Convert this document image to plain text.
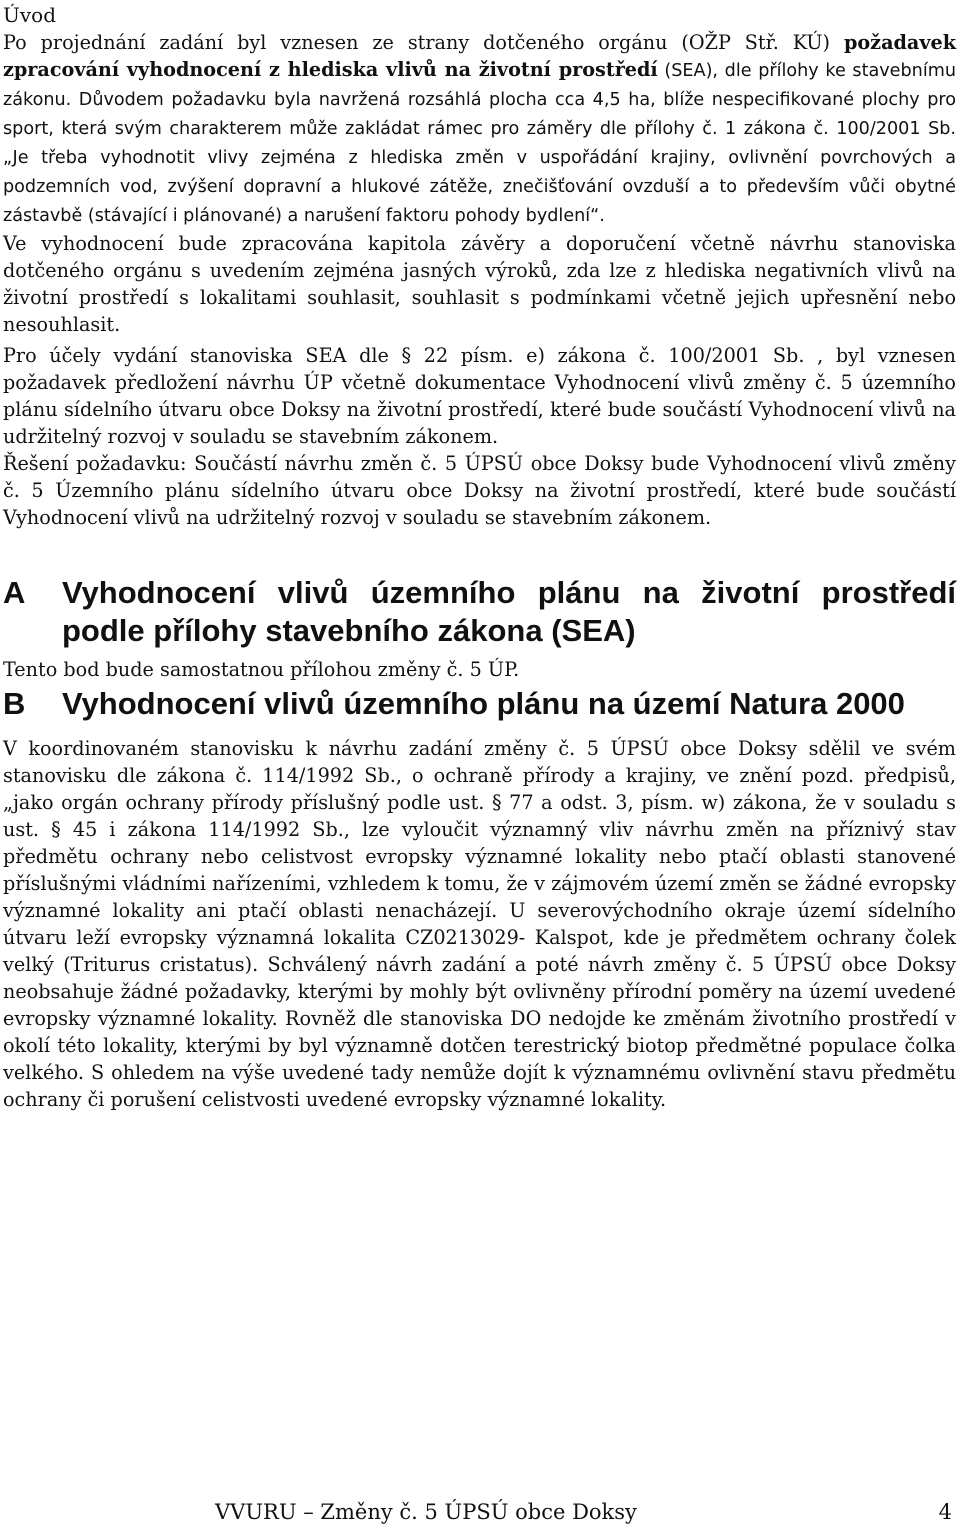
Úvod

Po projednání zadání byl vznesen ze strany dotčeného orgánu (OŽP Stř. KÚ) požadavek zpracování vyhodnocení z hlediska vlivů na životní prostředí (SEA), dle přílohy ke stavebnímu zákonu. Důvodem požadavku byla navržená rozsáhlá plocha cca 4,5 ha, blíže nespecifikované plochy pro sport, která svým charakterem může zakládat rámec pro záměry dle přílohy č. 1 zákona č. 100/2001 Sb. „Je třeba vyhodnotit vlivy zejména z hlediska změn v uspořádání krajiny, ovlivnění povrchových a podzemních vod, zvýšení dopravní a hlukové zátěže, znečišťování ovzduší a to především vůči obytné zástavbě (stávající i plánované) a narušení faktoru pohody bydlení“.

Ve vyhodnocení bude zpracována kapitola závěry a doporučení včetně návrhu stanoviska dotčeného orgánu s uvedením zejména jasných výroků, zda lze z hlediska negativních vlivů na životní prostředí s lokalitami souhlasit, souhlasit s podmínkami včetně jejich upřesnění nebo nesouhlasit.

Pro účely vydání stanoviska SEA dle § 22 písm. e) zákona č. 100/2001 Sb. , byl vznesen požadavek předložení návrhu ÚP včetně dokumentace Vyhodnocení vlivů změny č. 5 územního plánu sídelního útvaru obce Doksy na životní prostředí, které bude součástí Vyhodnocení vlivů na udržitelný rozvoj v souladu se stavebním zákonem.

Řešení požadavku: Součástí návrhu změn č. 5 ÚPSÚ obce Doksy bude Vyhodnocení vlivů změny č. 5 Územního plánu sídelního útvaru obce Doksy na životní prostředí, které bude součástí Vyhodnocení vlivů na udržitelný rozvoj v souladu se stavebním zákonem.

A	Vyhodnocení vlivů územního plánu na životní prostředí podle přílohy stavebního zákona (SEA)

Tento bod bude samostatnou přílohou změny č. 5 ÚP.

B	Vyhodnocení vlivů územního plánu na území Natura 2000

V koordinovaném stanovisku k návrhu zadání změny č. 5 ÚPSÚ obce Doksy sdělil ve svém stanovisku dle zákona č. 114/1992 Sb., o ochraně přírody a krajiny, ve znění pozd. předpisů, „jako orgán ochrany přírody příslušný podle ust. § 77 a odst. 3, písm. w) zákona, že v souladu s ust. § 45 i zákona 114/1992 Sb., lze vyloučit významný vliv návrhu změn na příznivý stav předmětu ochrany nebo celistvost evropsky významné lokality nebo ptačí oblasti stanovené příslušnými vládními nařízeními, vzhledem k tomu, že v zájmovém území změn se žádné evropsky významné lokality ani ptačí oblasti nenacházejí. U severovýchodního okraje území sídelního útvaru leží evropsky významná lokalita CZ0213029- Kalspot, kde je předmětem ochrany čolek velký (Triturus cristatus). Schválený návrh zadání a poté návrh změny č. 5 ÚPSÚ obce Doksy neobsahuje žádné požadavky, kterými by mohly být ovlivněny přírodní poměry na území uvedené evropsky významné lokality. Rovněž dle stanoviska DO nedojde ke změnám životního prostředí v okolí této lokality, kterými by byl významně dotčen terestrický biotop předmětné populace čolka velkého. S ohledem na výše uvedené tady nemůže dojít k významnému ovlivnění stavu předmětu ochrany či porušení celistvosti uvedené evropsky významné lokality.

VVURU – Změny č. 5 ÚPSÚ obce Doksy	4
